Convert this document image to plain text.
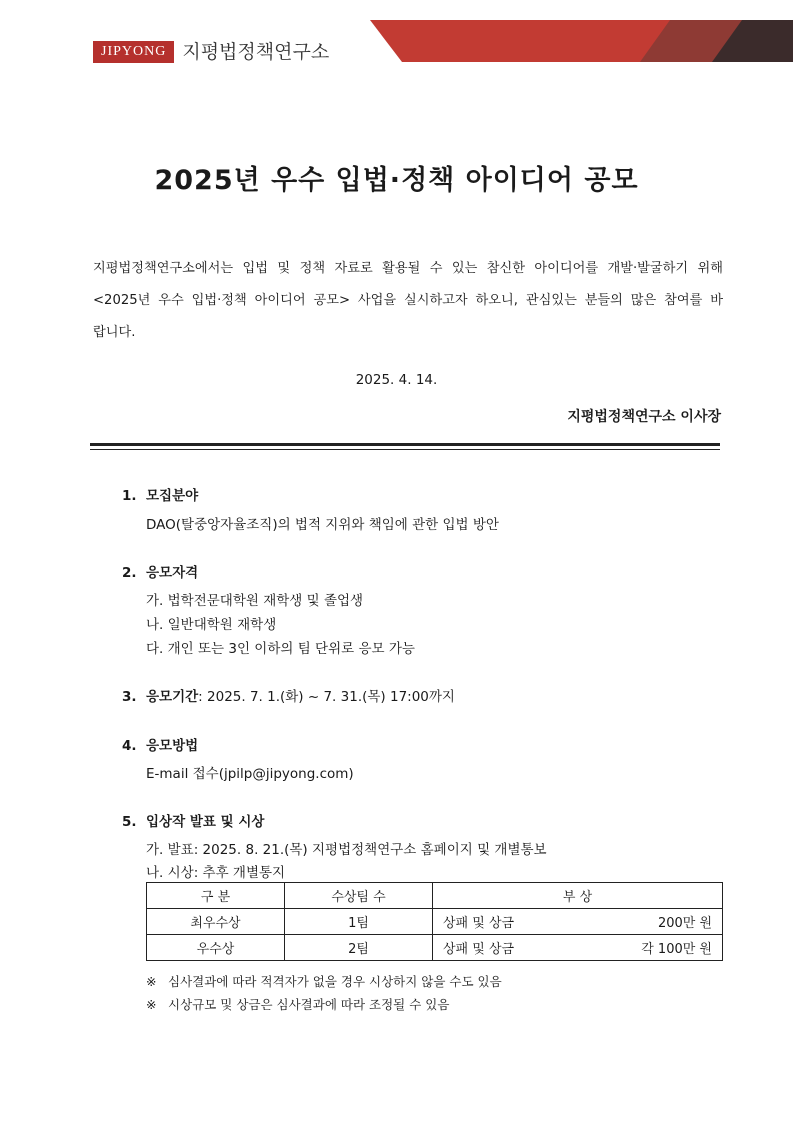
JIPYONG 지평법정책연구소
2025년 우수 입법·정책 아이디어 공모
지평법정책연구소에서는 입법 및 정책 자료로 활용될 수 있는 참신한 아이디어를 개발·발굴하기 위해 <2025년 우수 입법·정책 아이디어 공모> 사업을 실시하고자 하오니, 관심있는 분들의 많은 참여를 바랍니다.
2025. 4. 14.
지평법정책연구소 이사장
1. 모집분야
DAO(탈중앙자율조직)의 법적 지위와 책임에 관한 입법 방안
2. 응모자격
가. 법학전문대학원 재학생 및 졸업생
나. 일반대학원 재학생
다. 개인 또는 3인 이하의 팀 단위로 응모 가능
3. 응모기간: 2025. 7. 1.(화) ~ 7. 31.(목) 17:00까지
4. 응모방법
E-mail 접수(jpilp@jipyong.com)
5. 입상작 발표 및 시상
가. 발표: 2025. 8. 21.(목) 지평법정책연구소 홈페이지 및 개별통보
나. 시상: 추후 개별통지
구 분	수상팀 수	부 상
최우수상	1팀	상패 및 상금 200만 원

우수상	2팀	상패 및 상금 각 100만 원
※ 심사결과에 따라 적격자가 없을 경우 시상하지 않을 수도 있음
※ 시상규모 및 상금은 심사결과에 따라 조정될 수 있음
